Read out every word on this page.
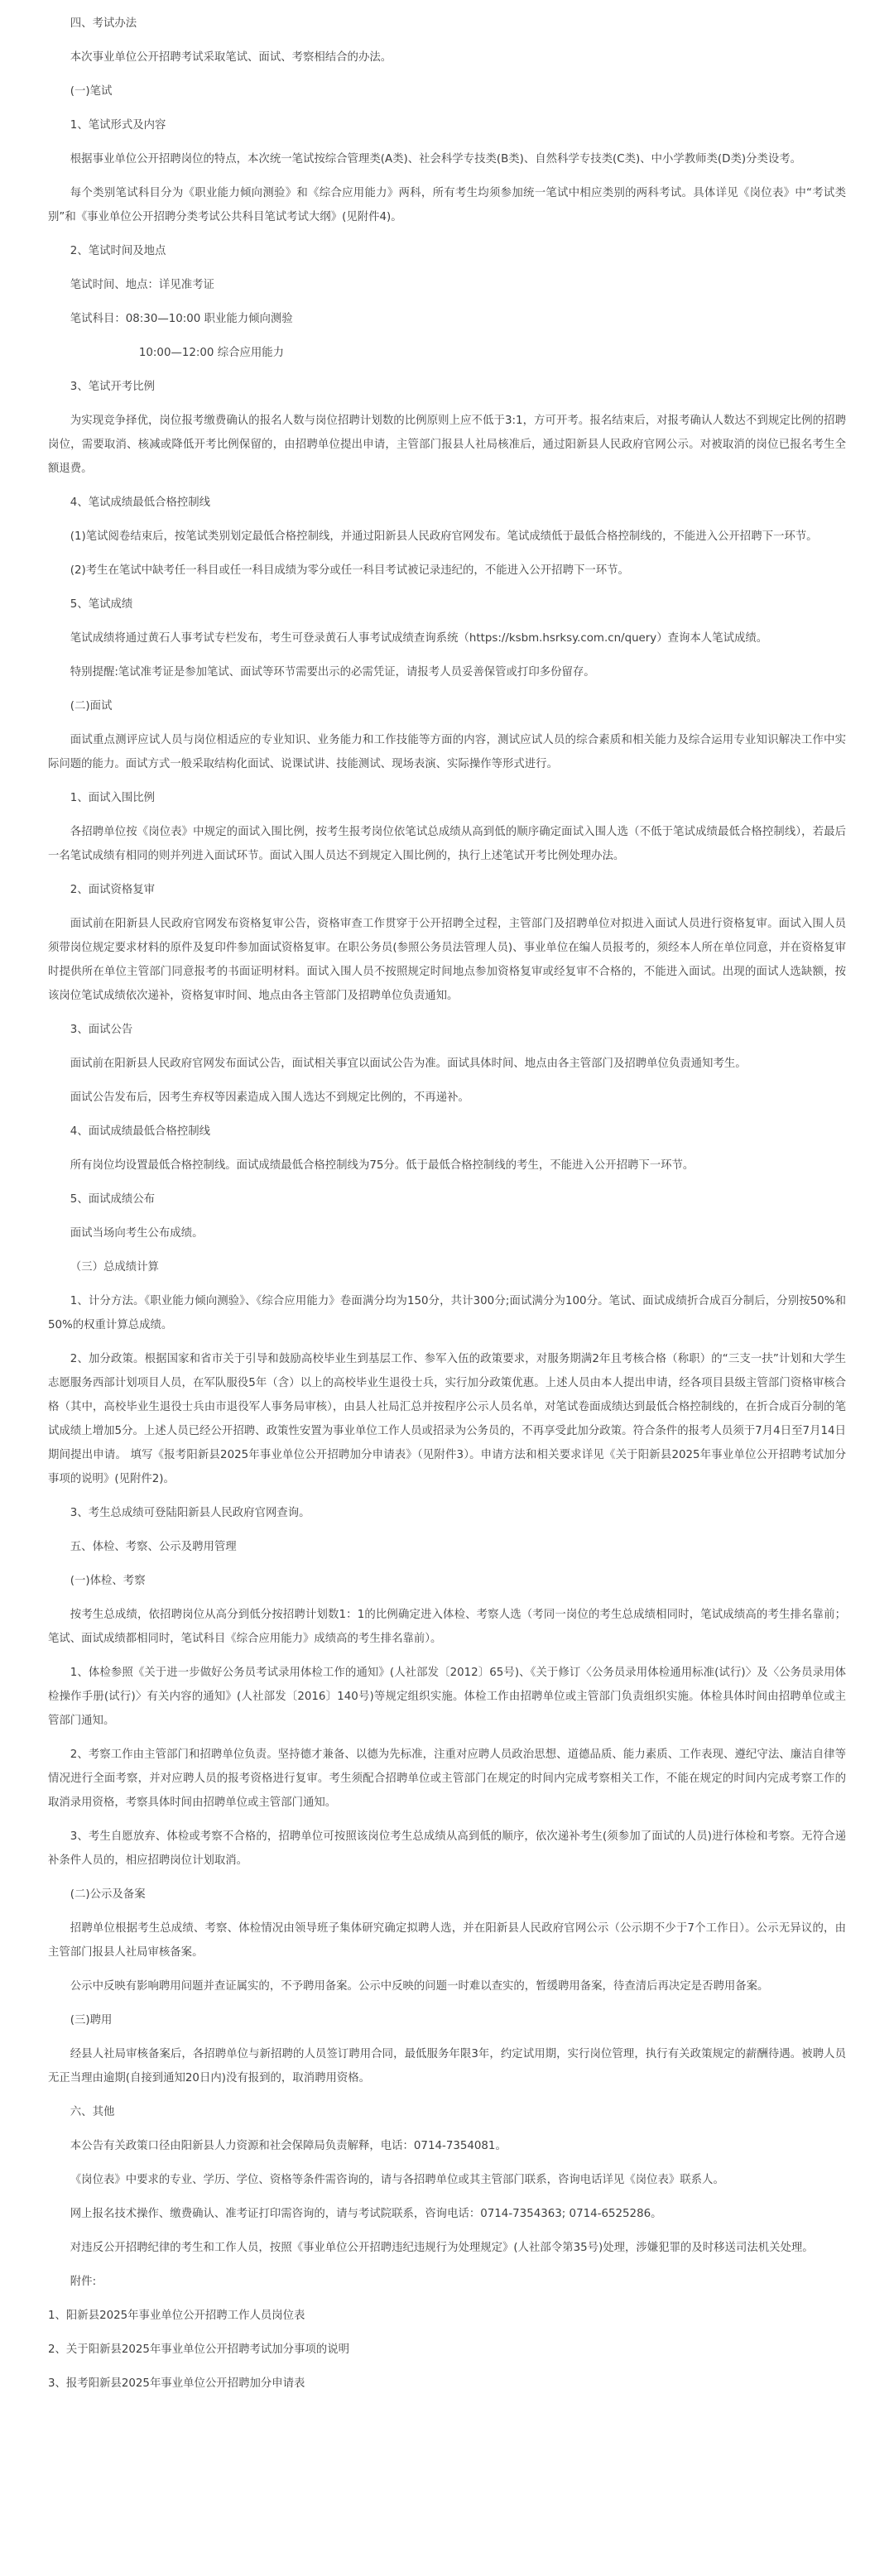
四、考试办法
本次事业单位公开招聘考试采取笔试、面试、考察相结合的办法。
(一)笔试
1、笔试形式及内容
根据事业单位公开招聘岗位的特点，本次统一笔试按综合管理类(A类)、社会科学专技类(B类)、自然科学专技类(C类)、中小学教师类(D类)分类设考。
每个类别笔试科目分为《职业能力倾向测验》和《综合应用能力》两科，所有考生均须参加统一笔试中相应类别的两科考试。具体详见《岗位表》中“考试类别”和《事业单位公开招聘分类考试公共科目笔试考试大纲》(见附件4)。
2、笔试时间及地点
笔试时间、地点：详见准考证
笔试科目：08:30—10:00 职业能力倾向测验
10:00—12:00 综合应用能力
3、笔试开考比例
为实现竞争择优，岗位报考缴费确认的报名人数与岗位招聘计划数的比例原则上应不低于3:1，方可开考。报名结束后，对报考确认人数达不到规定比例的招聘岗位，需要取消、核减或降低开考比例保留的，由招聘单位提出申请，主管部门报县人社局核准后，通过阳新县人民政府官网公示。对被取消的岗位已报名考生全额退费。
4、笔试成绩最低合格控制线
(1)笔试阅卷结束后，按笔试类别划定最低合格控制线，并通过阳新县人民政府官网发布。笔试成绩低于最低合格控制线的，不能进入公开招聘下一环节。
(2)考生在笔试中缺考任一科目或任一科目成绩为零分或任一科目考试被记录违纪的，不能进入公开招聘下一环节。
5、笔试成绩
笔试成绩将通过黄石人事考试专栏发布，考生可登录黄石人事考试成绩查询系统（https://ksbm.hsrksy.com.cn/query）查询本人笔试成绩。
特别提醒:笔试准考证是参加笔试、面试等环节需要出示的必需凭证，请报考人员妥善保管或打印多份留存。
(二)面试
面试重点测评应试人员与岗位相适应的专业知识、业务能力和工作技能等方面的内容，测试应试人员的综合素质和相关能力及综合运用专业知识解决工作中实际问题的能力。面试方式一般采取结构化面试、说课试讲、技能测试、现场表演、实际操作等形式进行。
1、面试入围比例
各招聘单位按《岗位表》中规定的面试入围比例，按考生报考岗位依笔试总成绩从高到低的顺序确定面试入围人选（不低于笔试成绩最低合格控制线），若最后一名笔试成绩有相同的则并列进入面试环节。面试入围人员达不到规定入围比例的，执行上述笔试开考比例处理办法。
2、面试资格复审
面试前在阳新县人民政府官网发布资格复审公告，资格审查工作贯穿于公开招聘全过程，主管部门及招聘单位对拟进入面试人员进行资格复审。面试入围人员须带岗位规定要求材料的原件及复印件参加面试资格复审。在职公务员(参照公务员法管理人员)、事业单位在编人员报考的，须经本人所在单位同意，并在资格复审时提供所在单位主管部门同意报考的书面证明材料。面试入围人员不按照规定时间地点参加资格复审或经复审不合格的，不能进入面试。出现的面试人选缺额，按该岗位笔试成绩依次递补，资格复审时间、地点由各主管部门及招聘单位负责通知。
3、面试公告
面试前在阳新县人民政府官网发布面试公告，面试相关事宜以面试公告为准。面试具体时间、地点由各主管部门及招聘单位负责通知考生。
面试公告发布后，因考生弃权等因素造成入围人选达不到规定比例的，不再递补。
4、面试成绩最低合格控制线
所有岗位均设置最低合格控制线。面试成绩最低合格控制线为75分。低于最低合格控制线的考生，不能进入公开招聘下一环节。
5、面试成绩公布
面试当场向考生公布成绩。
（三）总成绩计算
1、计分方法。《职业能力倾向测验》、《综合应用能力》卷面满分均为150分，共计300分;面试满分为100分。笔试、面试成绩折合成百分制后，分别按50%和50%的权重计算总成绩。
2、加分政策。根据国家和省市关于引导和鼓励高校毕业生到基层工作、参军入伍的政策要求，对服务期满2年且考核合格（称职）的“三支一扶”计划和大学生志愿服务西部计划项目人员，在军队服役5年（含）以上的高校毕业生退役士兵，实行加分政策优惠。上述人员由本人提出申请，经各项目县级主管部门资格审核合格（其中，高校毕业生退役士兵由市退役军人事务局审核），由县人社局汇总并按程序公示人员名单，对笔试卷面成绩达到最低合格控制线的，在折合成百分制的笔试成绩上增加5分。上述人员已经公开招聘、政策性安置为事业单位工作人员或招录为公务员的，不再享受此加分政策。符合条件的报考人员须于7月4日至7月14日期间提出申请。 填写《报考阳新县2025年事业单位公开招聘加分申请表》（见附件3）。申请方法和相关要求详见《关于阳新县2025年事业单位公开招聘考试加分事项的说明》(见附件2)。
3、考生总成绩可登陆阳新县人民政府官网查询。
五、体检、考察、公示及聘用管理
(一)体检、考察
按考生总成绩，依招聘岗位从高分到低分按招聘计划数1：1的比例确定进入体检、考察人选（考同一岗位的考生总成绩相同时，笔试成绩高的考生排名靠前；笔试、面试成绩都相同时，笔试科目《综合应用能力》成绩高的考生排名靠前）。
1、体检参照《关于进一步做好公务员考试录用体检工作的通知》(人社部发〔2012〕65号)、《关于修订〈公务员录用体检通用标准(试行)〉及〈公务员录用体检操作手册(试行)〉有关内容的通知》(人社部发〔2016〕140号)等规定组织实施。体检工作由招聘单位或主管部门负责组织实施。体检具体时间由招聘单位或主管部门通知。
2、考察工作由主管部门和招聘单位负责。坚持德才兼备、以德为先标准，注重对应聘人员政治思想、道德品质、能力素质、工作表现、遵纪守法、廉洁自律等情况进行全面考察，并对应聘人员的报考资格进行复审。考生须配合招聘单位或主管部门在规定的时间内完成考察相关工作，不能在规定的时间内完成考察工作的取消录用资格，考察具体时间由招聘单位或主管部门通知。
3、考生自愿放弃、体检或考察不合格的，招聘单位可按照该岗位考生总成绩从高到低的顺序，依次递补考生(须参加了面试的人员)进行体检和考察。无符合递补条件人员的，相应招聘岗位计划取消。
(二)公示及备案
招聘单位根据考生总成绩、考察、体检情况由领导班子集体研究确定拟聘人选，并在阳新县人民政府官网公示（公示期不少于7个工作日）。公示无异议的，由主管部门报县人社局审核备案。
公示中反映有影响聘用问题并查证属实的，不予聘用备案。公示中反映的问题一时难以查实的，暂缓聘用备案，待查清后再决定是否聘用备案。
(三)聘用
经县人社局审核备案后，各招聘单位与新招聘的人员签订聘用合同，最低服务年限3年，约定试用期，实行岗位管理，执行有关政策规定的薪酬待遇。被聘人员无正当理由逾期(自接到通知20日内)没有报到的，取消聘用资格。
六、其他
本公告有关政策口径由阳新县人力资源和社会保障局负责解释，电话：0714-7354081。
《岗位表》中要求的专业、学历、学位、资格等条件需咨询的，请与各招聘单位或其主管部门联系，咨询电话详见《岗位表》联系人。
网上报名技术操作、缴费确认、准考证打印需咨询的，请与考试院联系，咨询电话：0714-7354363; 0714-6525286。
对违反公开招聘纪律的考生和工作人员，按照《事业单位公开招聘违纪违规行为处理规定》(人社部令第35号)处理，涉嫌犯罪的及时移送司法机关处理。
附件:
1、阳新县2025年事业单位公开招聘工作人员岗位表
2、关于阳新县2025年事业单位公开招聘考试加分事项的说明
3、报考阳新县2025年事业单位公开招聘加分申请表
